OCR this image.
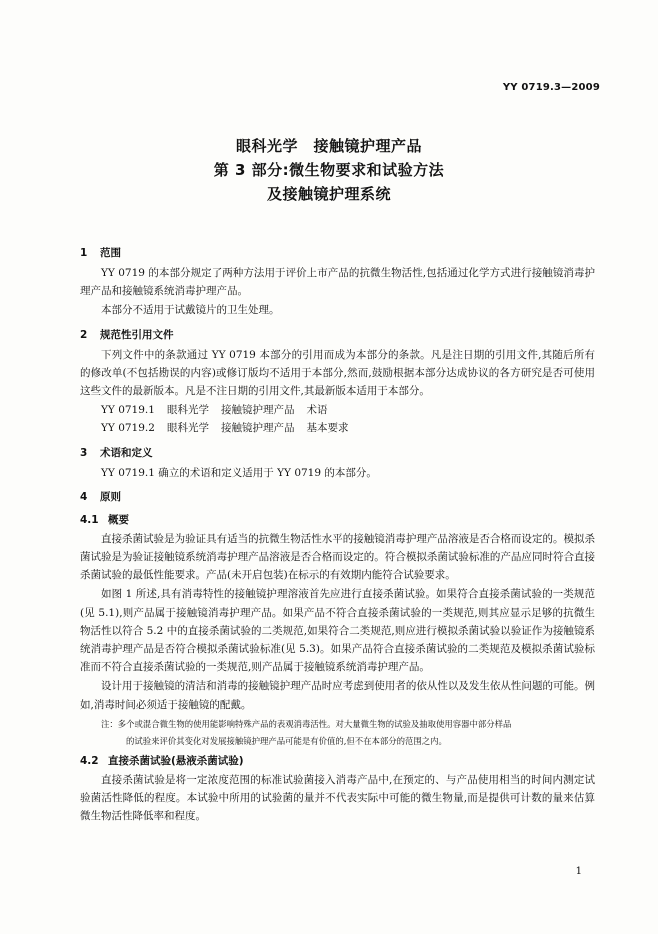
YY 0719.3—2009
眼科光学　接触镜护理产品
第 3 部分:微生物要求和试验方法
及接触镜护理系统
1 范围

YY 0719 的本部分规定了两种方法用于评价上市产品的抗微生物活性,包括通过化学方式进行接触镜消毒护理产品和接触镜系统消毒护理产品。

本部分不适用于试戴镜片的卫生处理。

2 规范性引用文件

下列文件中的条款通过 YY 0719 本部分的引用而成为本部分的条款。凡是注日期的引用文件,其随后所有的修改单(不包括勘误的内容)或修订版均不适用于本部分,然而,鼓励根据本部分达成协议的各方研究是否可使用这些文件的最新版本。凡是不注日期的引用文件,其最新版本适用于本部分。

YY 0719.1 眼科光学 接触镜护理产品 术语
YY 0719.2 眼科光学 接触镜护理产品 基本要求
3 术语和定义

YY 0719.1 确立的术语和定义适用于 YY 0719 的本部分。

4 原则
4.1 概要

直接杀菌试验是为验证具有适当的抗微生物活性水平的接触镜消毒护理产品溶液是否合格而设定的。模拟杀菌试验是为验证接触镜系统消毒护理产品溶液是否合格而设定的。符合模拟杀菌试验标准的产品应同时符合直接杀菌试验的最低性能要求。产品(未开启包装)在标示的有效期内能符合试验要求。

如图 1 所述,具有消毒特性的接触镜护理溶液首先应进行直接杀菌试验。如果符合直接杀菌试验的一类规范(见 5.1),则产品属于接触镜消毒护理产品。如果产品不符合直接杀菌试验的一类规范,则其应显示足够的抗微生物活性以符合 5.2 中的直接杀菌试验的二类规范,如果符合二类规范,则应进行模拟杀菌试验以验证作为接触镜系统消毒护理产品是否符合模拟杀菌试验标准(见 5.3)。如果产品符合直接杀菌试验的二类规范及模拟杀菌试验标准而不符合直接杀菌试验的一类规范,则产品属于接触镜系统消毒护理产品。

设计用于接触镜的清洁和消毒的接触镜护理产品时应考虑到使用者的依从性以及发生依从性问题的可能。例如,消毒时间必须适于接触镜的配戴。

注：多个或混合微生物的使用能影响特殊产品的表观消毒活性。对大量微生物的试验及抽取使用容器中部分样品
的试验来评价其变化对发展接触镜护理产品可能是有价值的,但不在本部分的范围之内。
4.2 直接杀菌试验(悬液杀菌试验)

直接杀菌试验是将一定浓度范围的标准试验菌接入消毒产品中,在预定的、与产品使用相当的时间内测定试验菌活性降低的程度。本试验中所用的试验菌的量并不代表实际中可能的微生物量,而是提供可计数的量来估算微生物活性降低率和程度。

1
